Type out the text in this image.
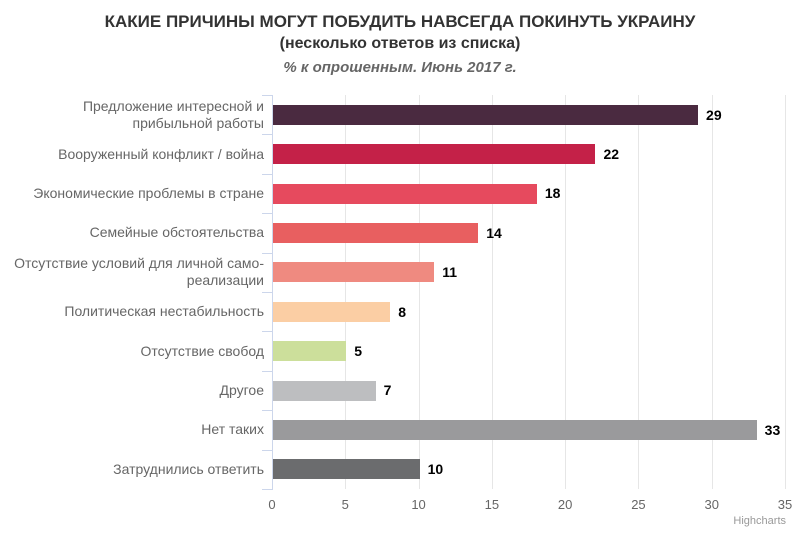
КАКИЕ ПРИЧИНЫ МОГУТ ПОБУДИТЬ НАВСЕГДА ПОКИНУТЬ УКРАИНУ
(несколько ответов из списка)
% к опрошенным. Июнь 2017 г.
0	5	10	15	20	25	30	35
Предложение интересной и прибыльной работы	29
Вооруженный конфликт / война	22
Экономические проблемы в стране	18
Семейные обстоятельства	14
Отсутствие условий для личной само-реализации	11
Политическая нестабильность	8
Отсутствие свобод	5
Другое	7
Нет таких	33
Затруднились ответить	10
Highcharts
